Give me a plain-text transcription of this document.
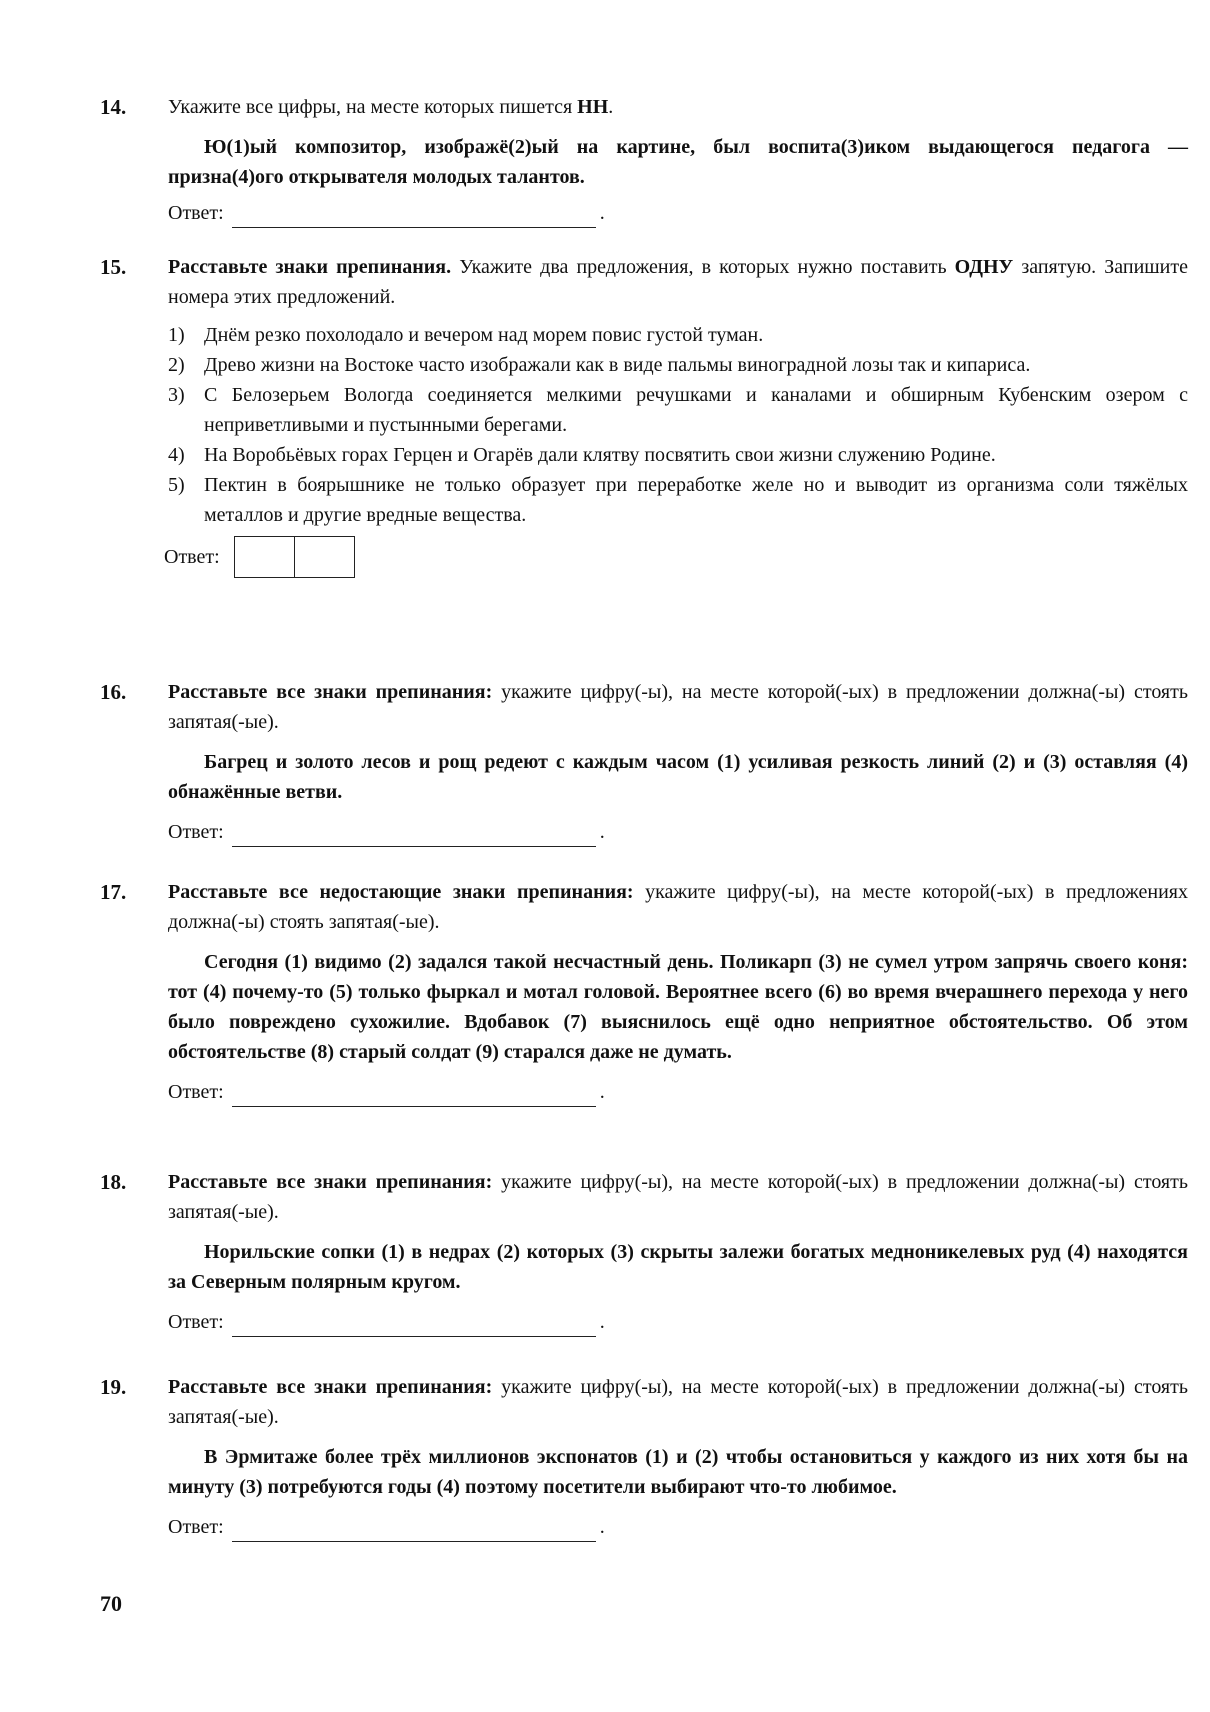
14. Укажите все цифры, на месте которых пишется НН.
Ю(1)ый композитор, изображё(2)ый на картине, был воспита(3)иком выдающегося педагога — призна(4)ого открывателя молодых талантов.
Ответ:	.
15. Расставьте знаки препинания. Укажите два предложения, в которых нужно поставить ОДНУ запятую. Запишите номера этих предложений.
1) Днём резко похолодало и вечером над морем повис густой туман.
2) Древо жизни на Востоке часто изображали как в виде пальмы виноградной лозы так и кипариса.
3) С Белозерьем Вологда соединяется мелкими речушками и каналами и обширным Кубенским озером с неприветливыми и пустынными берегами.
4) На Воробьёвых горах Герцен и Огарёв дали клятву посвятить свои жизни служению Родине.
5) Пектин в боярышнике не только образует при переработке желе но и выводит из организма соли тяжёлых металлов и другие вредные вещества.
Ответ:
16. Расставьте все знаки препинания: укажите цифру(-ы), на месте которой(-ых) в предложении должна(-ы) стоять запятая(-ые).
Багрец и золото лесов и рощ редеют с каждым часом (1) усиливая резкость линий (2) и (3) оставляя (4) обнажённые ветви.
Ответ:	.
17. Расставьте все недостающие знаки препинания: укажите цифру(-ы), на месте которой(-ых) в предложениях должна(-ы) стоять запятая(-ые).
Сегодня (1) видимо (2) задался такой несчастный день. Поликарп (3) не сумел утром запрячь своего коня: тот (4) почему-то (5) только фыркал и мотал головой. Вероятнее всего (6) во время вчерашнего перехода у него было повреждено сухожилие. Вдобавок (7) выяснилось ещё одно неприятное обстоятельство. Об этом обстоятельстве (8) старый солдат (9) старался даже не думать.
Ответ:	.
18. Расставьте все знаки препинания: укажите цифру(-ы), на месте которой(-ых) в предложении должна(-ы) стоять запятая(-ые).
Норильские сопки (1) в недрах (2) которых (3) скрыты залежи богатых медноникелевых руд (4) находятся за Северным полярным кругом.
Ответ:	.
19. Расставьте все знаки препинания: укажите цифру(-ы), на месте которой(-ых) в предложении должна(-ы) стоять запятая(-ые).
В Эрмитаже более трёх миллионов экспонатов (1) и (2) чтобы остановиться у каждого из них хотя бы на минуту (3) потребуются годы (4) поэтому посетители выбирают что-то любимое.
Ответ:	.
70
